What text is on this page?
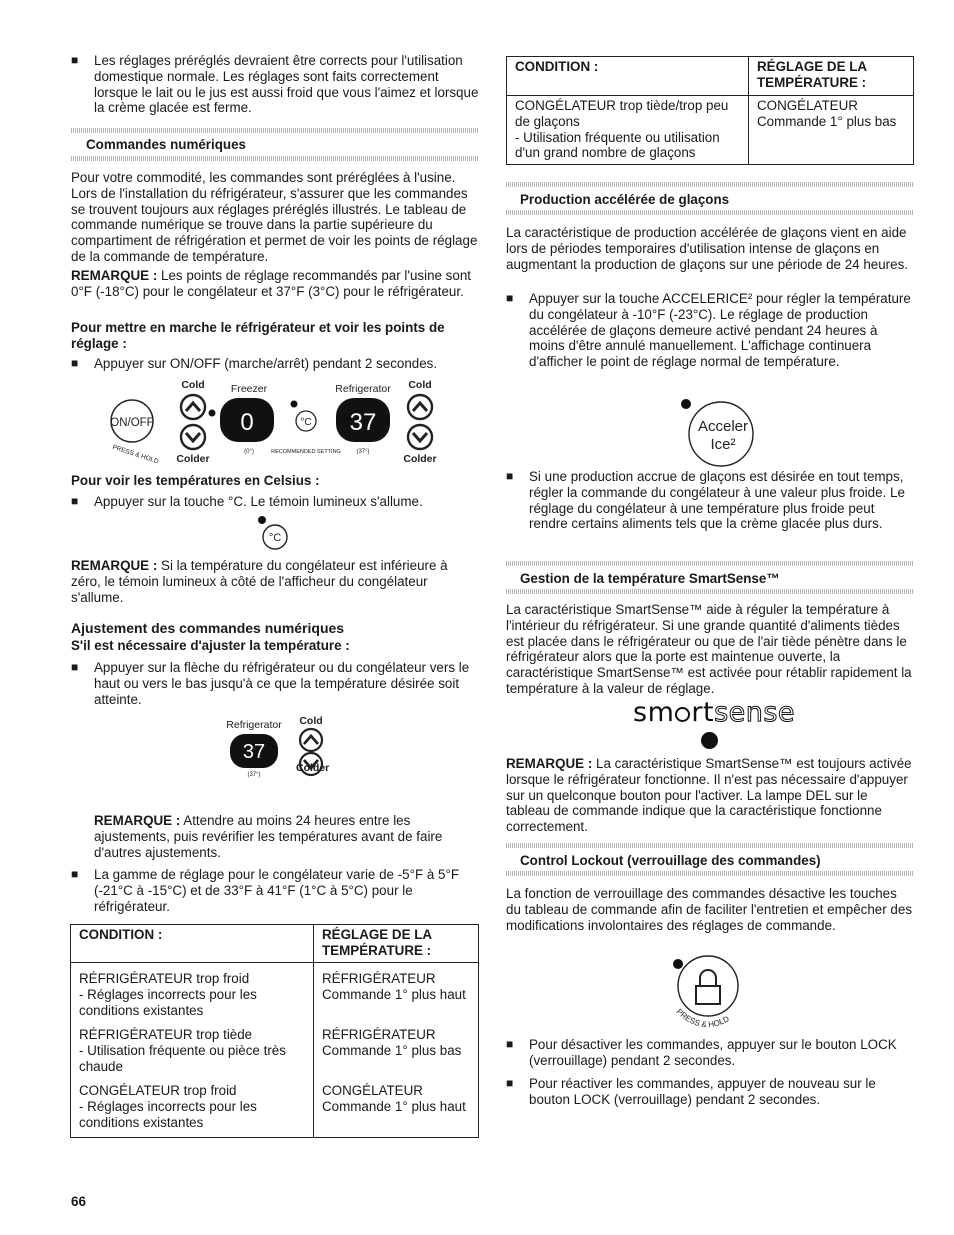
■ Les réglages préréglés devraient être corrects pour l'utilisation domestique normale. Les réglages sont faits correctement lorsque le lait ou le jus est aussi froid que vous l'aimez et lorsque la crème glacée est ferme.

Commandes numériques

Pour votre commodité, les commandes sont préréglées à l'usine. Lors de l'installation du réfrigérateur, s'assurer que les commandes se trouvent toujours aux réglages préréglés illustrés. Le tableau de commande numérique se trouve dans la partie supérieure du compartiment de réfrigération et permet de voir les points de réglage de la commande de température.

REMARQUE : Les points de réglage recommandés par l'usine sont 0°F (-18°C) pour le congélateur et 37°F (3°C) pour le réfrigérateur.

Pour mettre en marche le réfrigérateur et voir les points de réglage :

■ Appuyer sur ON/OFF (marche/arrêt) pendant 2 secondes.

ON/OFF
Cold
Colder
Freezer
0	°C
Refrigerator
37
Cold
Colder
(0°)	RECOMMENDED SETTING	(37°)
PRESS & HOLD

Pour voir les températures en Celsius :

■ Appuyer sur la touche °C. Le témoin lumineux s'allume.

°C

REMARQUE : Si la température du congélateur est inférieure à zéro, le témoin lumineux à côté de l'afficheur du congélateur s'allume.

Ajustement des commandes numériques

S'il est nécessaire d'ajuster la température :

■ Appuyer sur la flèche du réfrigérateur ou du congélateur vers le haut ou vers le bas jusqu'à ce que la température désirée soit atteinte.

Refrigerator
37
(37°)
Cold
Colder

REMARQUE : Attendre au moins 24 heures entre les ajustements, puis revérifier les températures avant de faire d'autres ajustements.

■ La gamme de réglage pour le congélateur varie de -5°F à 5°F (-21°C à -15°C) et de 33°F à 41°F (1°C à 5°C) pour le réfrigérateur.

CONDITION :	RÉGLAGE DE LA TEMPÉRATURE :
RÉFRIGÉRATEUR trop froid
- Réglages incorrects pour les conditions existantes	RÉFRIGÉRATEUR
Commande 1° plus haut
RÉFRIGÉRATEUR trop tiède
- Utilisation fréquente ou pièce très chaude	RÉFRIGÉRATEUR
Commande 1° plus bas
CONGÉLATEUR trop froid
- Réglages incorrects pour les conditions existantes	CONGÉLATEUR
Commande 1° plus haut
66
CONDITION :	RÉGLAGE DE LA TEMPÉRATURE :
CONGÉLATEUR trop tiède/trop peu de glaçons
- Utilisation fréquente ou utilisation d'un grand nombre de glaçons	CONGÉLATEUR
Commande 1° plus bas
Production accélérée de glaçons

La caractéristique de production accélérée de glaçons vient en aide lors de périodes temporaires d'utilisation intense de glaçons en augmentant la production de glaçons sur une période de 24 heures.

■ Appuyer sur la touche ACCELERICE² pour régler la température du congélateur à -10°F (-23°C). Le réglage de production accélérée de glaçons demeure activé pendant 24 heures à moins d'être annulé manuellement. L'affichage continuera d'afficher le point de réglage normal de température.

Acceler
Ice²
■ Si une production accrue de glaçons est désirée en tout temps, régler la commande du congélateur à une valeur plus froide. Le réglage du congélateur à une température plus froide peut rendre certains aliments tels que la crème glacée plus durs.

Gestion de la température SmartSense™

La caractéristique SmartSense™ aide à réguler la température à l'intérieur du réfrigérateur. Si une grande quantité d'aliments tièdes est placée dans le réfrigérateur ou que de l'air tiède pénètre dans le réfrigérateur alors que la porte est maintenue ouverte, la caractéristique SmartSense™ est activée pour rétablir rapidement la température à la valeur de réglage.

sm rtsense

REMARQUE : La caractéristique SmartSense™ est toujours activée lorsque le réfrigérateur fonctionne. Il n'est pas nécessaire d'appuyer sur un quelconque bouton pour l'activer. La lampe DEL sur le tableau de commande indique que la caractéristique fonctionne correctement.

Control Lockout (verrouillage des commandes)

La fonction de verrouillage des commandes désactive les touches du tableau de commande afin de faciliter l'entretien et empêcher des modifications involontaires des réglages de commande.

PRESS & HOLD
■ Pour désactiver les commandes, appuyer sur le bouton LOCK (verrouillage) pendant 2 secondes.

■ Pour réactiver les commandes, appuyer de nouveau sur le bouton LOCK (verrouillage) pendant 2 secondes.
